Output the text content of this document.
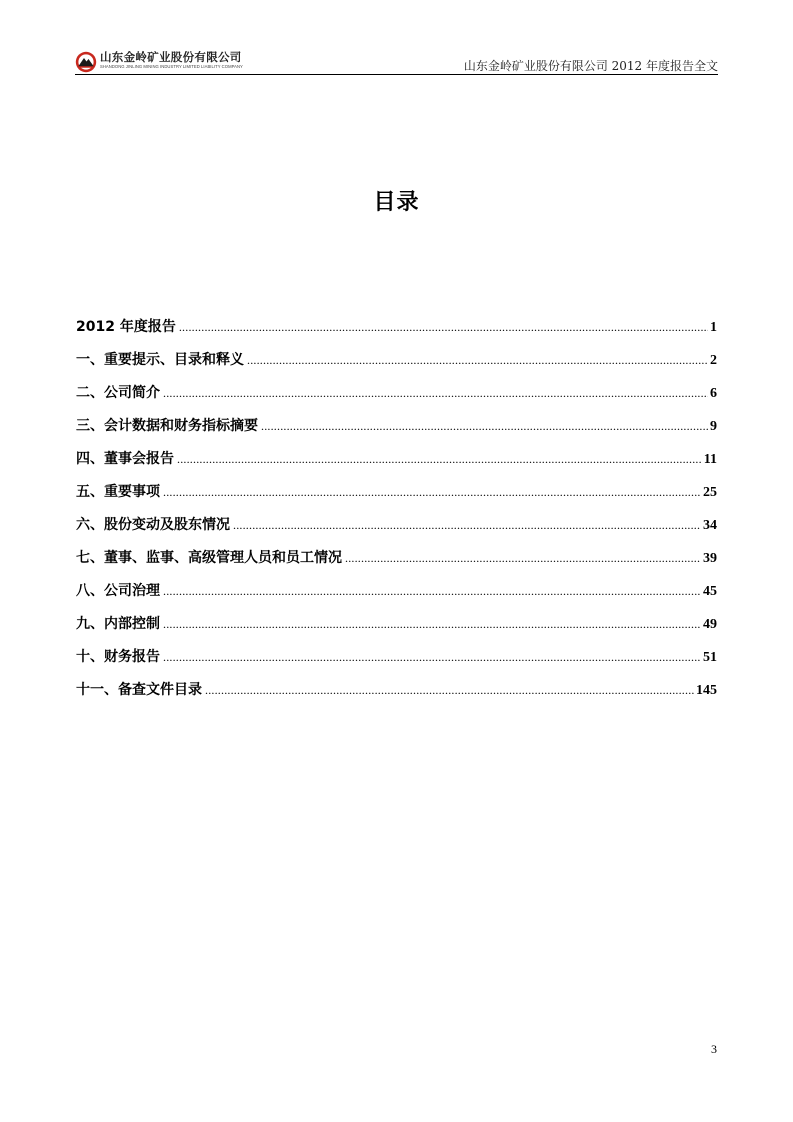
山东金岭矿业股份有限公司
SHANDONG JINLING MINING INDUSTRY LIMITED LIABILITY COMPANY	山东金岭矿业股份有限公司 2012 年度报告全文
目录
2012 年度报告 .....	1
一、重要提示、目录和释义 .....	2
二、公司简介 .....	6
三、会计数据和财务指标摘要 .....	9
四、董事会报告 .....	11
五、重要事项 .....	25
六、股份变动及股东情况 .....	34
七、董事、监事、高级管理人员和员工情况 .....	39
八、公司治理 .....	45
九、内部控制 .....	49
十、财务报告 .....	51
十一、备查文件目录 .....	145
3
